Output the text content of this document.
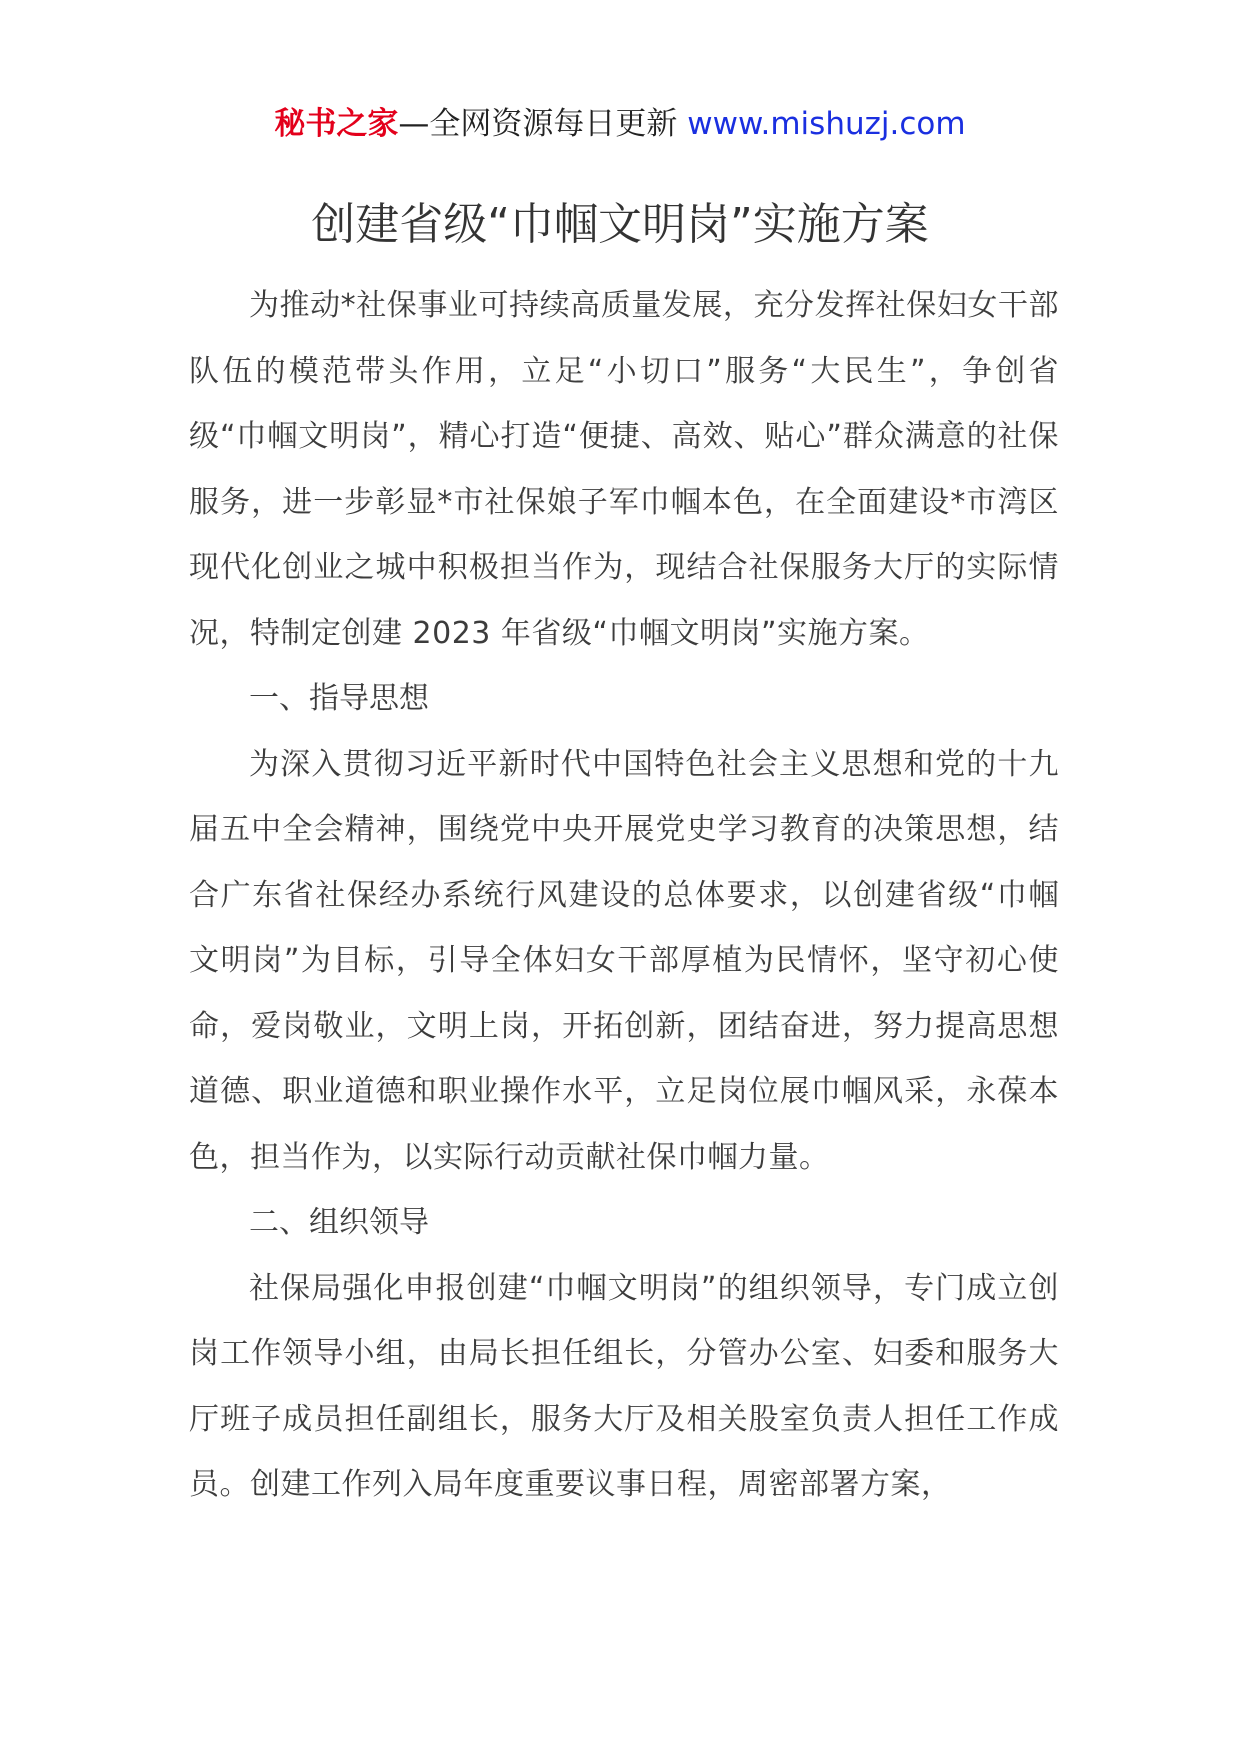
秘书之家—全网资源每日更新 www.mishuzj.com
创建省级“巾帼文明岗”实施方案

为推动*社保事业可持续高质量发展，充分发挥社保妇女干部队伍的模范带头作用，立足“小切口”服务“大民生”，争创省级“巾帼文明岗”，精心打造“便捷、高效、贴心”群众满意的社保服务，进一步彰显*市社保娘子军巾帼本色，在全面建设*市湾区现代化创业之城中积极担当作为，现结合社保服务大厅的实际情况，特制定创建 2023 年省级“巾帼文明岗”实施方案。

一、指导思想

为深入贯彻习近平新时代中国特色社会主义思想和党的十九届五中全会精神，围绕党中央开展党史学习教育的决策思想，结合广东省社保经办系统行风建设的总体要求，以创建省级“巾帼文明岗”为目标，引导全体妇女干部厚植为民情怀，坚守初心使命，爱岗敬业，文明上岗，开拓创新，团结奋进，努力提高思想道德、职业道德和职业操作水平，立足岗位展巾帼风采，永葆本色，担当作为，以实际行动贡献社保巾帼力量。

二、组织领导

社保局强化申报创建“巾帼文明岗”的组织领导，专门成立创岗工作领导小组，由局长担任组长，分管办公室、妇委和服务大厅班子成员担任副组长，服务大厅及相关股室负责人担任工作成员。创建工作列入局年度重要议事日程，周密部署方案，
